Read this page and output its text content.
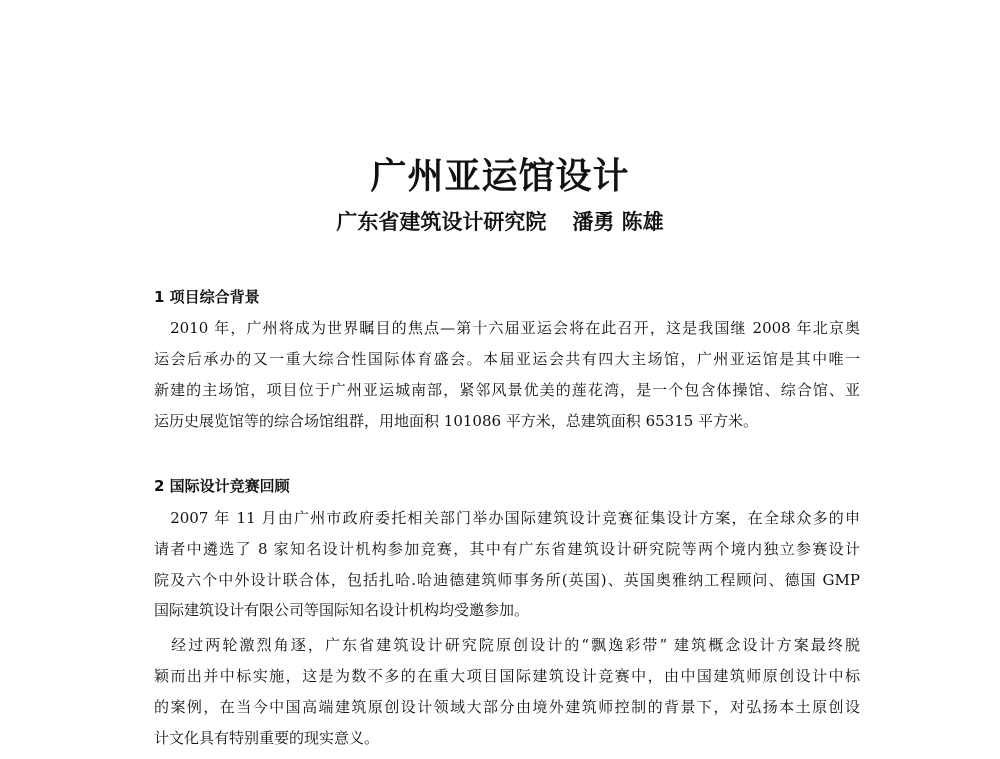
广州亚运馆设计
广东省建筑设计研究院 潘勇 陈雄
1 项目综合背景
　2010 年，广州将成为世界瞩目的焦点—第十六届亚运会将在此召开，这是我国继 2008 年北京奥
运会后承办的又一重大综合性国际体育盛会。本届亚运会共有四大主场馆，广州亚运馆是其中唯一
新建的主场馆，项目位于广州亚运城南部，紧邻风景优美的莲花湾，是一个包含体操馆、综合馆、亚
运历史展览馆等的综合场馆组群，用地面积 101086 平方米，总建筑面积 65315 平方米。
2 国际设计竞赛回顾
　2007 年 11 月由广州市政府委托相关部门举办国际建筑设计竞赛征集设计方案，在全球众多的申
请者中遴选了 8 家知名设计机构参加竞赛，其中有广东省建筑设计研究院等两个境内独立参赛设计
院及六个中外设计联合体，包括扎哈.哈迪德建筑师事务所(英国)、英国奥雅纳工程顾问、德国 GMP
国际建筑设计有限公司等国际知名设计机构均受邀参加。
　经过两轮激烈角逐，广东省建筑设计研究院原创设计的“飘逸彩带” 建筑概念设计方案最终脱
颖而出并中标实施，这是为数不多的在重大项目国际建筑设计竞赛中，由中国建筑师原创设计中标
的案例，在当今中国高端建筑原创设计领域大部分由境外建筑师控制的背景下，对弘扬本土原创设
计文化具有特别重要的现实意义。
